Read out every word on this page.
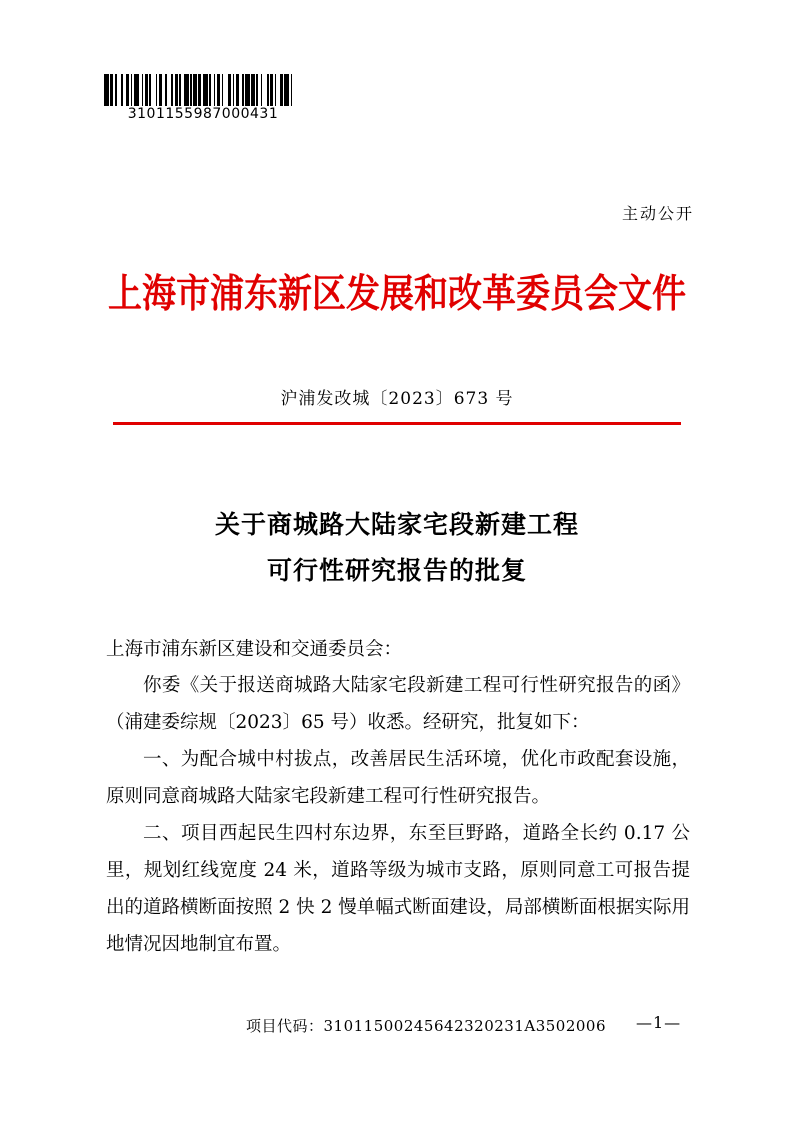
3101155987000431
主动公开
上海市浦东新区发展和改革委员会文件
沪浦发改城〔2023〕673 号
关于商城路大陆家宅段新建工程
可行性研究报告的批复
上海市浦东新区建设和交通委员会：

你委《关于报送商城路大陆家宅段新建工程可行性研究报告的函》（浦建委综规〔2023〕65 号）收悉。经研究，批复如下：

一、为配合城中村拔点，改善居民生活环境，优化市政配套设施，原则同意商城路大陆家宅段新建工程可行性研究报告。

二、项目西起民生四村东边界，东至巨野路，道路全长约 0.17 公里，规划红线宽度 24 米，道路等级为城市支路，原则同意工可报告提出的道路横断面按照 2 快 2 慢单幅式断面建设，局部横断面根据实际用地情况因地制宜布置。

项目代码：31011500245642320231A3502006 —1—
